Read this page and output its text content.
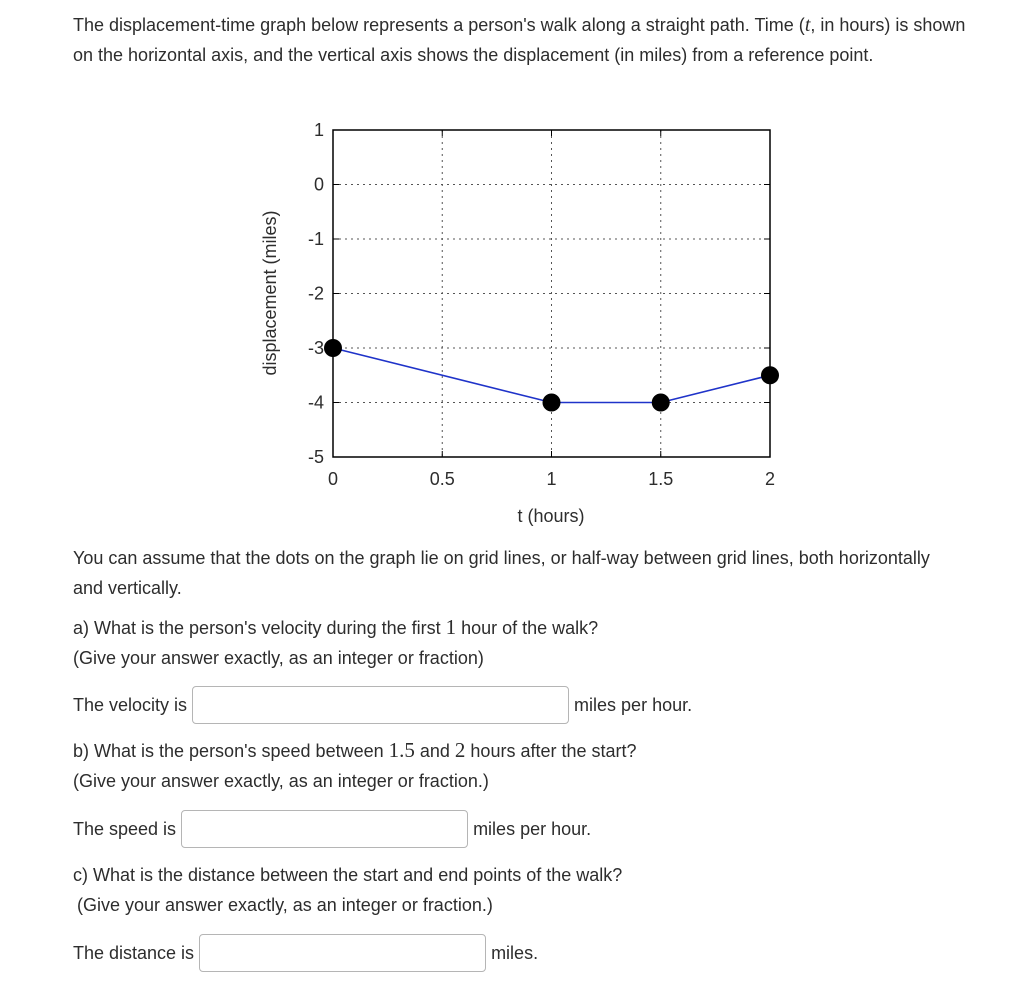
The displacement-time graph below represents a person's walk along a straight path. Time (t, in hours) is shown on the horizontal axis, and the vertical axis shows the displacement (in miles) from a reference point.

0	0.5	1	1.5	2
1
0
-1
-2
-3
-4
-5
t (hours)
displacement (miles)

You can assume that the dots on the graph lie on grid lines, or half-way between grid lines, both horizontally and vertically.

a) What is the person's velocity during the first 1 hour of the walk?
(Give your answer exactly, as an integer or fraction)

The velocity is	miles per hour.

b) What is the person's speed between 1.5 and 2 hours after the start?
(Give your answer exactly, as an integer or fraction.)

The speed is	miles per hour.

c) What is the distance between the start and end points of the walk?
(Give your answer exactly, as an integer or fraction.)

The distance is	miles.
